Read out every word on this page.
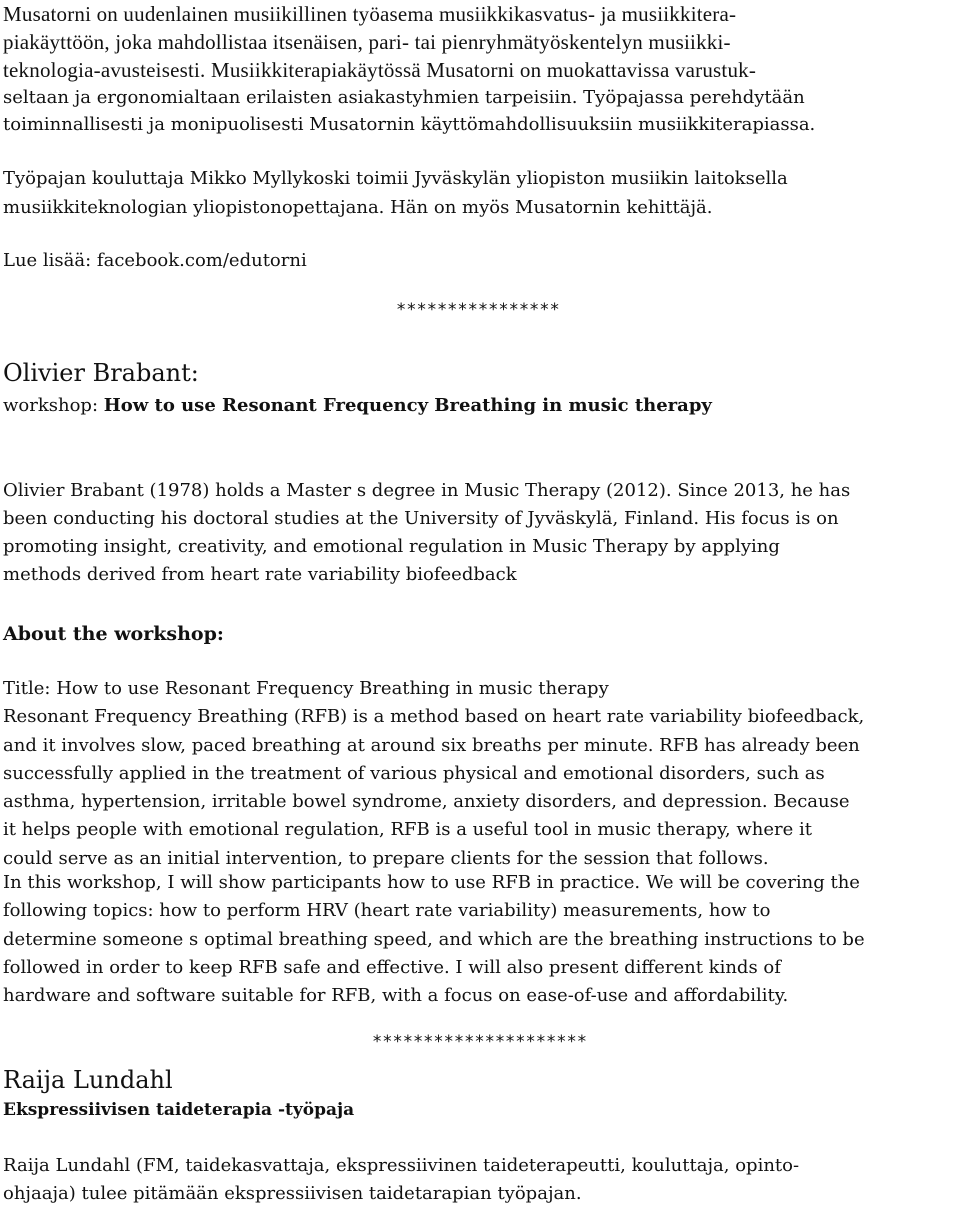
Musatorni on uudenlainen musiikillinen työasema musiikkikasvatus- ja musiikkitera-
piakäyttöön, joka mahdollistaa itsenäisen, pari- tai pienryhmätyöskentelyn musiikki-
teknologia-avusteisesti. Musiikkiterapiakäytössä Musatorni on muokattavissa varustuk-
seltaan ja ergonomialtaan erilaisten asiakastyhmien tarpeisiin. Työpajassa perehdytään
toiminnallisesti ja monipuolisesti Musatornin käyttömahdollisuuksiin musiikkiterapiassa.
Työpajan kouluttaja Mikko Myllykoski toimii Jyväskylän yliopiston musiikin laitoksella
musiikkiteknologian yliopistonopettajana. Hän on myös Musatornin kehittäjä.
Lue lisää: facebook.com/edutorni
****************
Olivier Brabant:
workshop: How to use Resonant Frequency Breathing in music therapy
Olivier Brabant (1978) holds a Master s degree in Music Therapy (2012). Since 2013, he has
been conducting his doctoral studies at the University of Jyväskylä, Finland. His focus is on
promoting insight, creativity, and emotional regulation in Music Therapy by applying
methods derived from heart rate variability biofeedback
About the workshop:
Title: How to use Resonant Frequency Breathing in music therapy
Resonant Frequency Breathing (RFB) is a method based on heart rate variability biofeedback,
and it involves slow, paced breathing at around six breaths per minute. RFB has already been
successfully applied in the treatment of various physical and emotional disorders, such as
asthma, hypertension, irritable bowel syndrome, anxiety disorders, and depression. Because
it helps people with emotional regulation, RFB is a useful tool in music therapy, where it
could serve as an initial intervention, to prepare clients for the session that follows.
In this workshop, I will show participants how to use RFB in practice. We will be covering the
following topics: how to perform HRV (heart rate variability) measurements, how to
determine someone s optimal breathing speed, and which are the breathing instructions to be
followed in order to keep RFB safe and effective. I will also present different kinds of
hardware and software suitable for RFB, with a focus on ease-of-use and affordability.
*********************
Raija Lundahl
Ekspressiivisen taideterapia -työpaja
Raija Lundahl (FM, taidekasvattaja, ekspressiivinen taideterapeutti, kouluttaja, opinto-
ohjaaja) tulee pitämään ekspressiivisen taidetarapian työpajan.
